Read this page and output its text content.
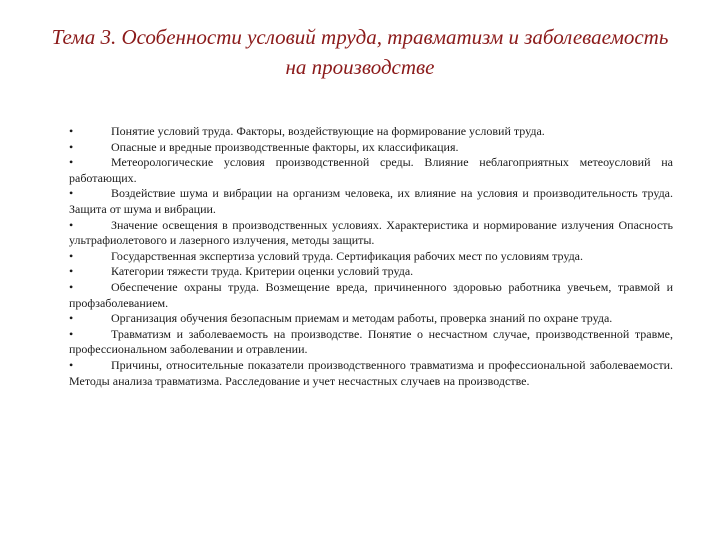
Тема 3. Особенности условий труда, травматизм и заболеваемость на производстве
•	Понятие условий труда. Факторы, воздействующие на формирование условий труда.
•	Опасные и вредные производственные факторы, их классификация.
•	Метеорологические условия производственной среды. Влияние неблагоприятных метеоусловий на работающих.
•	Воздействие шума и вибрации на организм человека, их влияние на условия и производительность труда. Защита от шума и вибрации.
•	Значение освещения в производственных условиях. Характеристика и нормирование излучения Опасность ультрафиолетового и лазерного излучения, методы защиты.
•	Государственная экспертиза условий труда. Сертификация рабочих мест по условиям труда.
•	Категории тяжести труда. Критерии оценки условий труда.
•	Обеспечение охраны труда. Возмещение вреда, причиненного здоровью работника увечьем, травмой и профзаболеванием.
•	Организация обучения безопасным приемам и методам работы, проверка знаний по охране труда.
•	Травматизм и заболеваемость на производстве. Понятие о несчастном случае, производственной травме, профессиональном заболевании и отравлении.
•	Причины, относительные показатели производственного травматизма и профессиональной заболеваемости. Методы анализа травматизма. Расследование и учет несчастных случаев на производстве.
